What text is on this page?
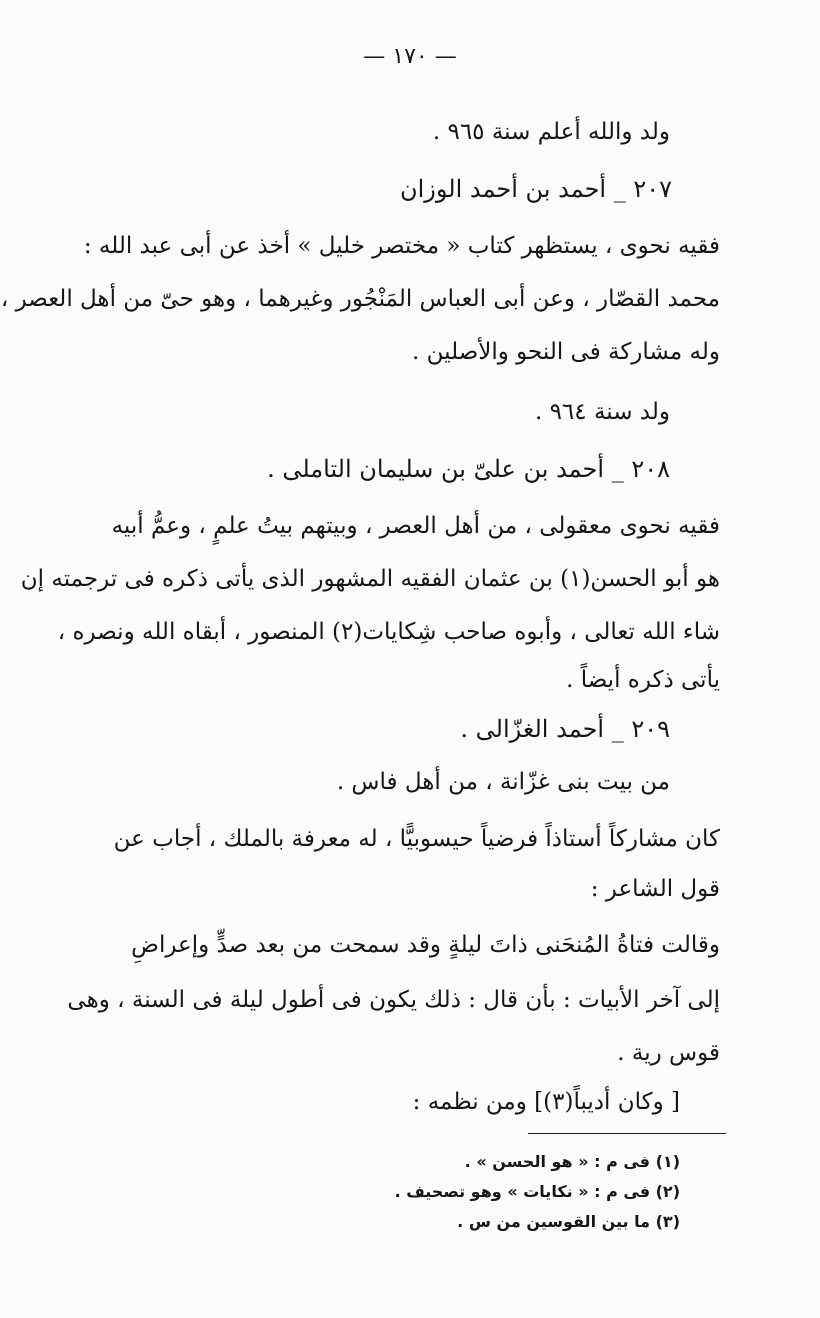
— ١٧٠ —
ولد والله أعلم سنة ٩٦٥ .
٢٠٧ _ أحمد بن أحمد الوزان
فقيه نحوى ، يستظهر كتاب « مختصر خليل » أخذ عن أبى عبد الله :
محمد القصّار ، وعن أبى العباس المَنْجُور وغيرهما ، وهو حىّ من أهل العصر ،
وله مشاركة فى النحو والأصلين .
ولد سنة ٩٦٤ .
٢٠٨ _ أحمد بن علىّ بن سليمان التاملى .
فقيه نحوى معقولى ، من أهل العصر ، وبيتهم بيتُ علمٍ ، وعمُّ أبيه
هو أبو الحسن(١) بن عثمان الفقيه المشهور الذى يأتى ذكره فى ترجمته إن
شاء الله تعالى ، وأبوه صاحب شِكايات(٢) المنصور ، أبقاه الله ونصره ،
يأتى ذكره أيضاً .
٢٠٩ _ أحمد الغزّالى .
من بيت بنى غزّانة ، من أهل فاس .
كان مشاركاً أستاذاً فرضياً حيسوبيًّا ، له معرفة بالملك ، أجاب عن
قول الشاعر :
وقالت فتاةُ المُنحَنى ذاتَ ليلةٍ وقد سمحت من بعد صدٍّ وإعراضِ
إلى آخر الأبيات : بأن قال : ذلك يكون فى أطول ليلة فى السنة ، وهى
قوس رية .
[ وكان أديباً(٣)] ومن نظمه :
(١) فى م : « هو الحسن » .
(٢) فى م : « نكايات » وهو تصحيف .
(٣) ما بين القوسين من س .
